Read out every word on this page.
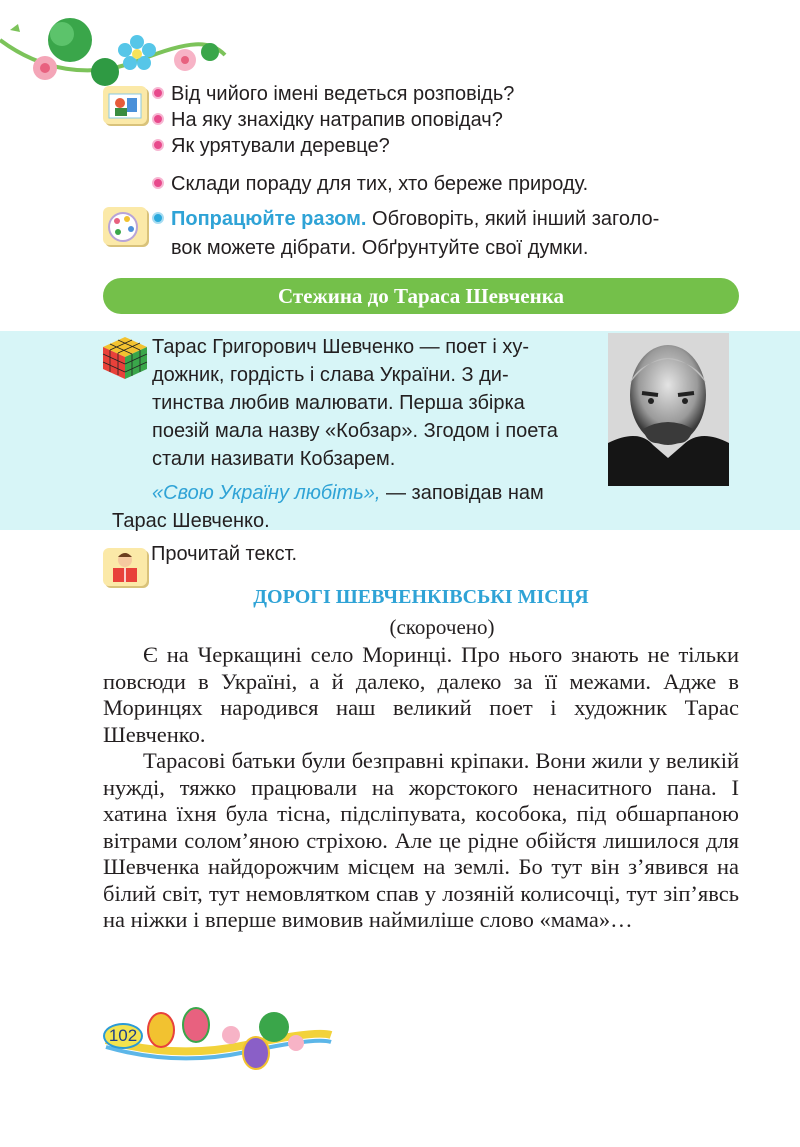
Від чийого імені ведеться розповідь?
На яку знахідку натрапив оповідач?
Як урятували деревце?
Склади пораду для тих, хто береже природу.
Попрацюйте разом. Обговоріть, який інший заголо-
вок можете дібрати. Обґрунтуйте свої думки.
Стежина до Тараса Шевченка
Тарас Григорович Шевченко — поет і ху-
дожник, гордість і слава України. З ди-
тинства любив малювати. Перша збірка
поезій мала назву «Кобзар». Згодом і поета
стали називати Кобзарем.
«Свою Україну любіть», — заповідав нам
Тарас Шевченко.
Прочитай текст.
ДОРОГІ ШЕВЧЕНКІВСЬКІ МІСЦЯ
(скорочено)

Є на Черкащині село Моринці. Про нього знають не тільки повсюди в Україні, а й далеко, далеко за її межами. Адже в Моринцях народився наш великий поет і художник Тарас Шевченко.

Тарасові батьки були безправні кріпаки. Вони жили у великій нужді, тяжко працювали на жорстокого ненаситного пана. І хатина їхня була тісна, підсліпувата, кособока, під обшарпаною вітрами солом’яною стріхою. Але це рідне обійстя лишилося для Шевченка найдорожчим місцем на землі. Бо тут він з’явився на білий світ, тут немовлятком спав у лозяній колисочці, тут зіп’явсь на ніжки і вперше вимовив наймиліше слово «мама»…

102
